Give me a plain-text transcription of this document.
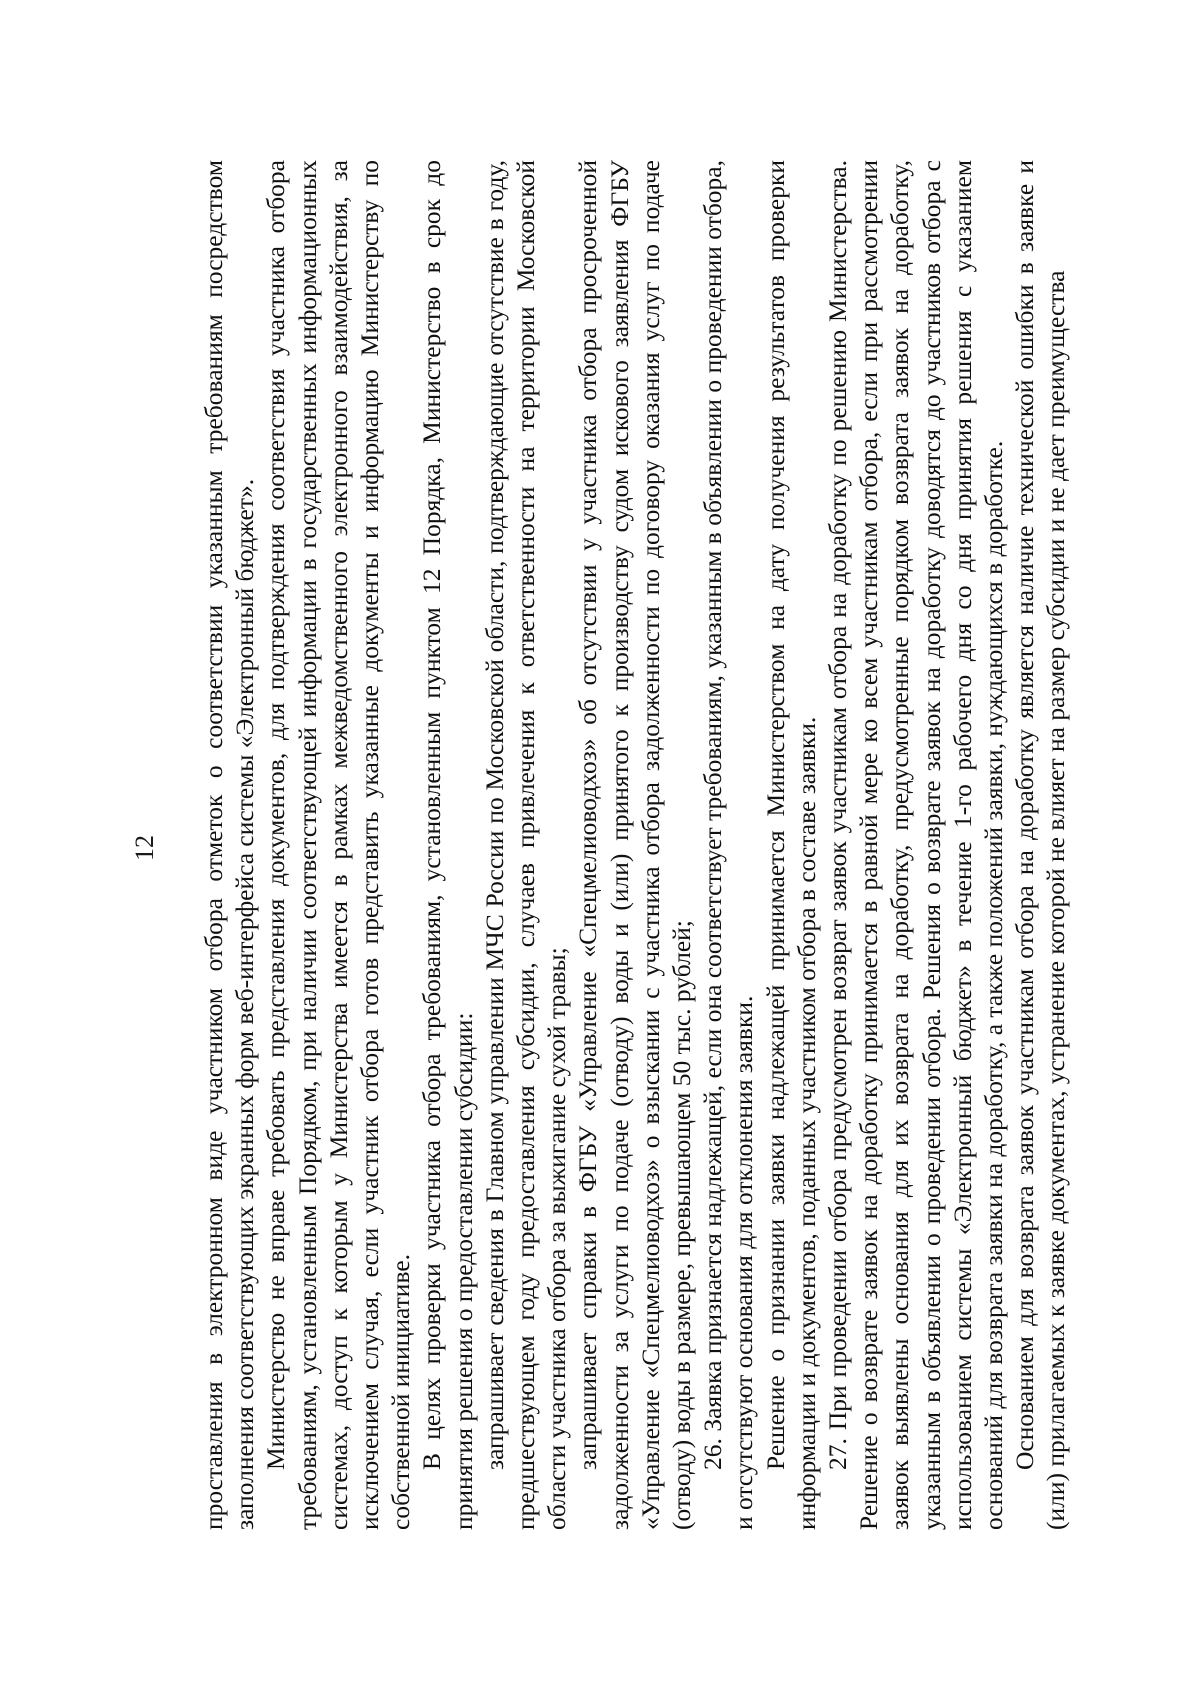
12 проставления в электронном виде участником отбора отметок о соответствии указанным требованиям посредством заполнения соответствующих экранных форм веб-интерфейса системы «Электронный бюджет». Министерство не вправе требовать представления документов, для подтверждения соответствия участника отбора требованиям, установленным Порядком, при наличии соответствующей информации в государственных информационных системах, доступ к которым у Министерства имеется в рамках межведомственного электронного взаимодействия, за исключением случая, если участник отбора готов представить указанные документы и информацию Министерству по собственной инициативе. В целях проверки участника отбора требованиям, установленным пунктом 12 Порядка, Министерство в срок до принятия решения о предоставлении субсидии: запрашивает сведения в Главном управлении МЧС России по Московской области, подтверждающие отсутствие в году, предшествующем году предоставления субсидии, случаев привлечения к ответственности на территории Московской области участника отбора за выжигание сухой травы; запрашивает справки в ФГБУ «Управление «Спецмелиоводхоз» об отсутствии у участника отбора просроченной задолженности за услуги по подаче (отводу) воды и (или) принятого к производству судом искового заявления ФГБУ «Управление «Спецмелиоводхоз» о взыскании с участника отбора задолженности по договору оказания услуг по подаче (отводу) воды в размере, превышающем 50 тыс. рублей; 26. Заявка признается надлежащей, если она соответствует требованиям, указанным в объявлении о проведении отбора, и отсутствуют основания для отклонения заявки. Решение о признании заявки надлежащей принимается Министерством на дату получения результатов проверки информации и документов, поданных участником отбора в составе заявки. 27. При проведении отбора предусмотрен возврат заявок участникам отбора на доработку по решению Министерства. Решение о возврате заявок на доработку принимается в равной мере ко всем участникам отбора, если при рассмотрении заявок выявлены основания для их возврата на доработку, предусмотренные порядком возврата заявок на доработку, указанным в объявлении о проведении отбора. Решения о возврате заявок на доработку доводятся до участников отбора с использованием системы «Электронный бюджет» в течение 1-го рабочего дня со дня принятия решения с указанием оснований для возврата заявки на доработку, а также положений заявки, нуждающихся в доработке. Основанием для возврата заявок участникам отбора на доработку является наличие технической ошибки в заявке и (или) прилагаемых к заявке документах, устранение которой не влияет на размер субсидии и не дает преимущества
